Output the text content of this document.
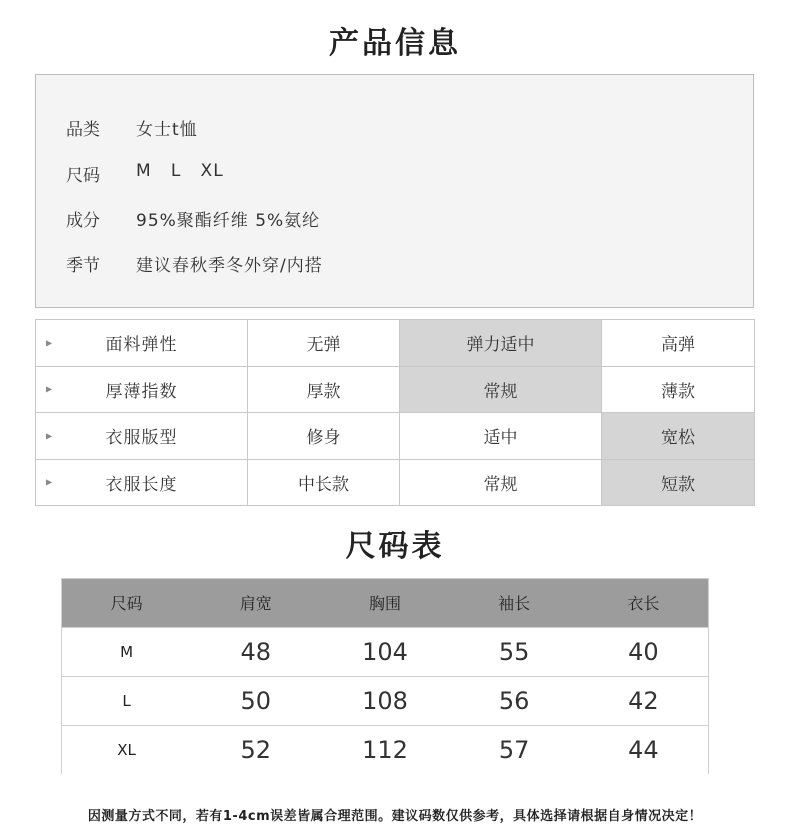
产品信息
品类	女士t恤
尺码	M   L   XL
成分	95%聚酯纤维 5%氨纶
季节	建议春秋季冬外穿/内搭
▶ 面料弹性	无弹	弹力适中	高弹

▶ 厚薄指数	厚款	常规	薄款

▶ 衣服版型	修身	适中	宽松

▶ 衣服长度	中长款	常规	短款
尺码表
尺码	肩宽	胸围	袖长	衣长
M	48	104	55	40
L	50	108	56	42
XL	52	112	57	44
因测量方式不同，若有1-4cm误差皆属合理范围。建议码数仅供参考，具体选择请根据自身情况决定！
